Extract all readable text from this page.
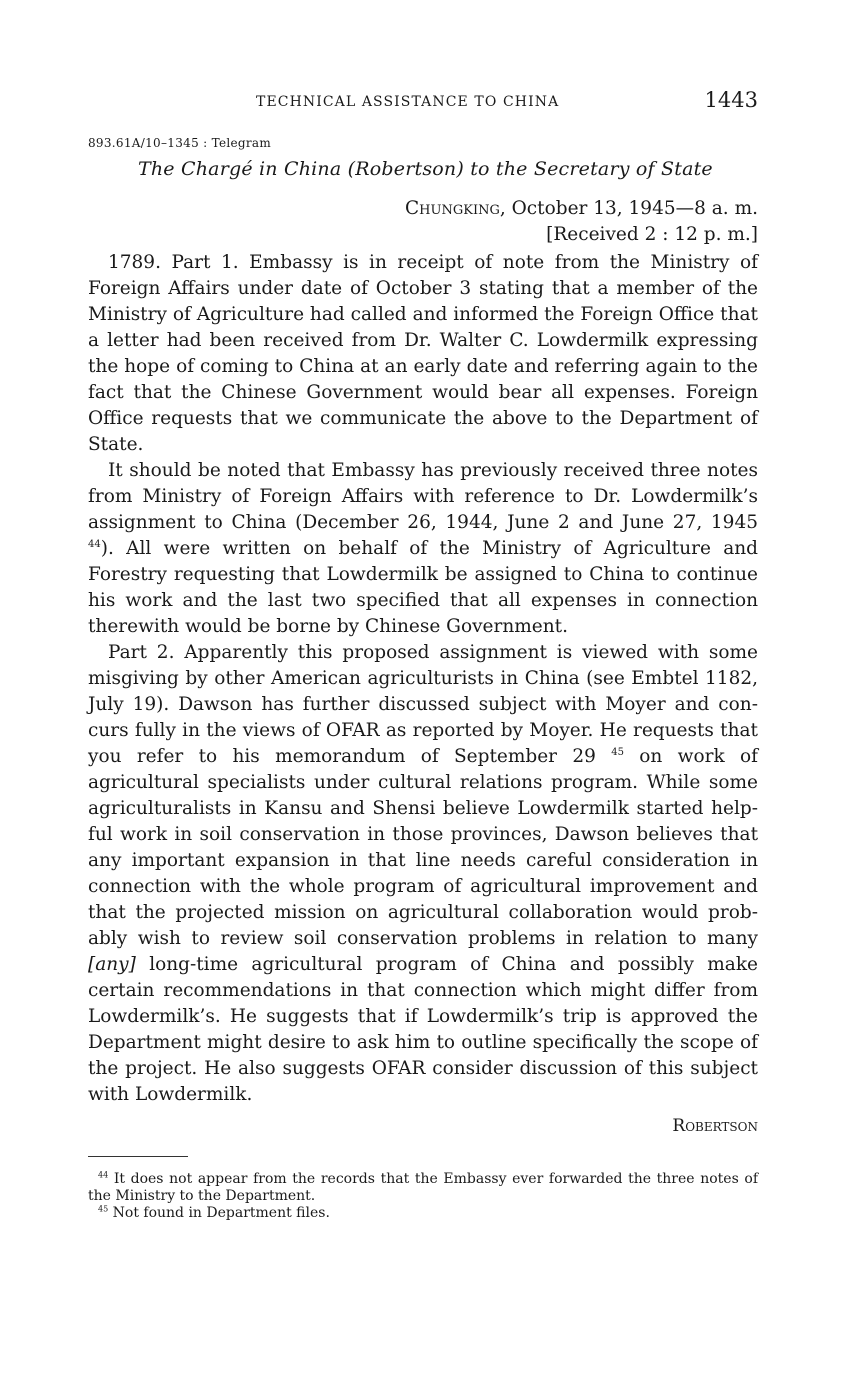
TECHNICAL ASSISTANCE TO CHINA	1443
893.61A/10–1345 : Telegram
The Chargé in China (Robertson) to the Secretary of State
Chungking, October 13, 1945—8 a. m.
[Received 2 : 12 p. m.]

1789. Part 1. Embassy is in receipt of note from the Ministry of Foreign Affairs under date of October 3 stating that a member of the Ministry of Agriculture had called and informed the Foreign Office that a letter had been received from Dr. Walter C. Lowdermilk expressing the hope of coming to China at an early date and referring again to the fact that the Chinese Government would bear all expenses. Foreign Office requests that we communicate the above to the Department of State.

It should be noted that Embassy has previously received three notes from Ministry of Foreign Affairs with reference to Dr. Lowdermilk’s assignment to China (December 26, 1944, June 2 and June 27, 1945 $^{44}$). All were written on behalf of the Ministry of Agriculture and Forestry requesting that Lowdermilk be assigned to China to continue his work and the last two specified that all expenses in connection therewith would be borne by Chinese Government.

Part 2. Apparently this proposed assignment is viewed with some misgiving by other American agriculturists in China (see Embtel 1182, July 19). Dawson has further discussed subject with Moyer and concurs fully in the views of OFAR as reported by Moyer. He requests that you refer to his memorandum of September 29 $^{45}$ on work of agricultural specialists under cultural relations program. While some agriculturalists in Kansu and Shensi believe Lowdermilk started helpful work in soil conservation in those provinces, Dawson believes that any important expansion in that line needs careful consideration in connection with the whole program of agricultural improvement and that the projected mission on agricultural collaboration would probably wish to review soil conservation problems in relation to many [any] long-time agricultural program of China and possibly make certain recommendations in that connection which might differ from Lowdermilk’s. He suggests that if Lowdermilk’s trip is approved the Department might desire to ask him to outline specifically the scope of the project. He also suggests OFAR consider discussion of this subject with Lowdermilk.

Robertson

$^{44}$ It does not appear from the records that the Embassy ever forwarded the three notes of the Ministry to the Department.

$^{45}$ Not found in Department files.
